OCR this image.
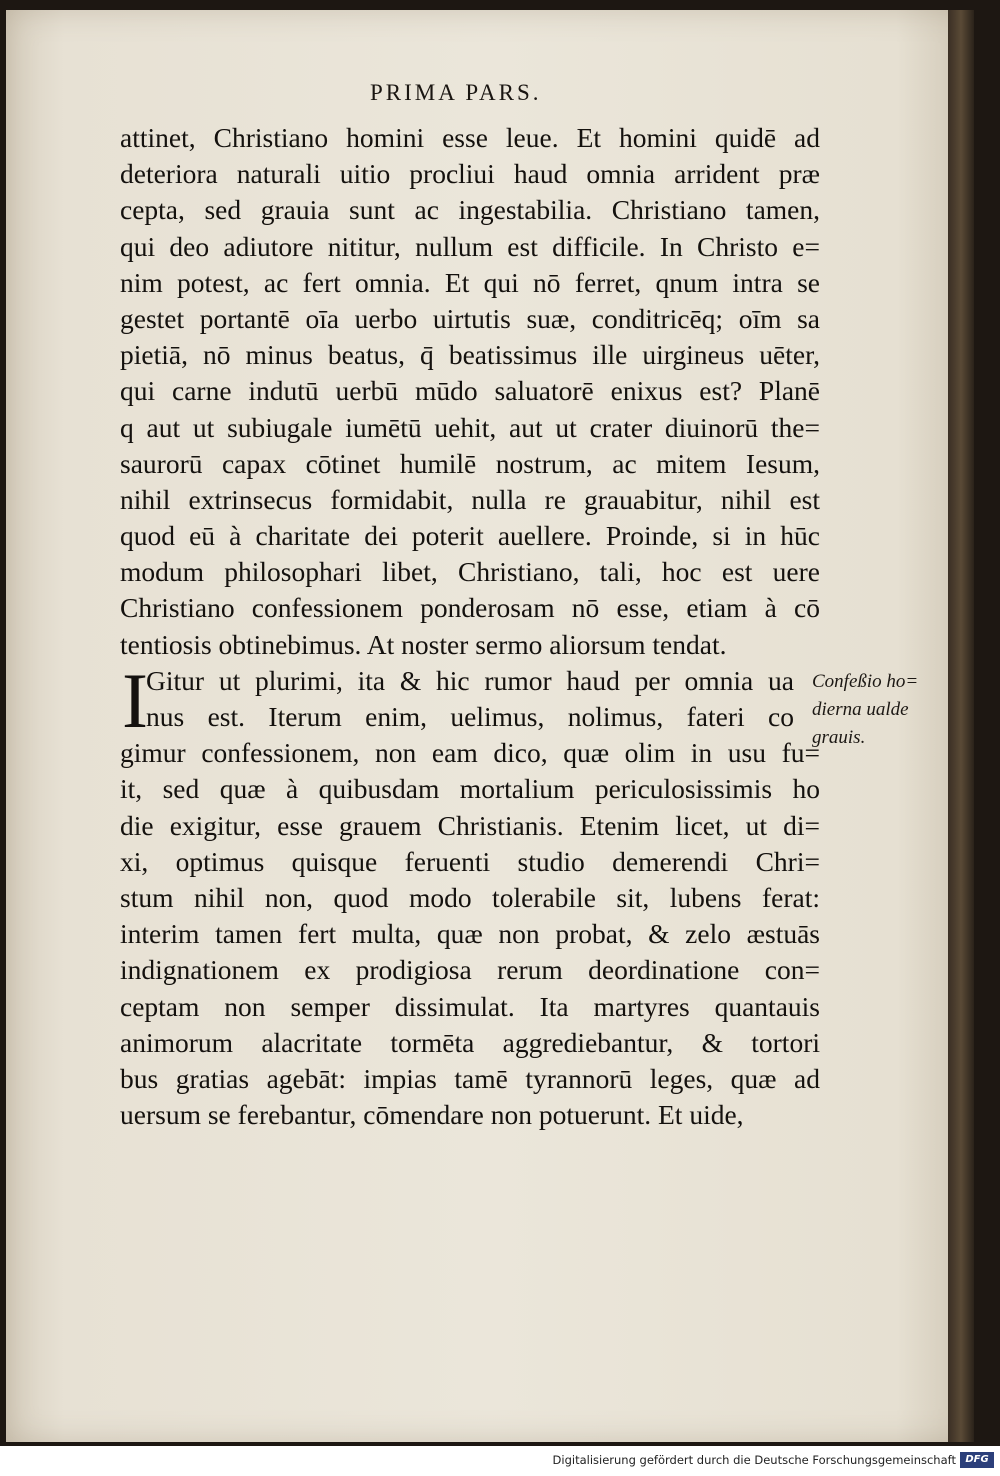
PRIMA PARS.
attinet, Christiano homini esse leue. Et homini quidē ad
deteriora naturali uitio procliui haud omnia arrident præ
cepta, sed grauia sunt ac ingestabilia. Christiano tamen,
qui deo adiutore nititur, nullum est difficile. In Christo e=
nim potest, ac fert omnia. Et qui nō ferret, qnum intra se
gestet portantē oīa uerbo uirtutis suæ, conditricēq; oīm sa
pietiā, nō minus beatus, q̄ beatissimus ille uirgineus uēter,
qui carne indutū uerbū mūdo saluatorē enixus est? Planē
q aut ut subiugale iumētū uehit, aut ut crater diuinorū the=
saurorū capax cōtinet humilē nostrum, ac mitem Iesum,
nihil extrinsecus formidabit, nulla re grauabitur, nihil est
quod eū à charitate dei poterit auellere. Proinde, si in hūc
modum philosophari libet, Christiano, tali, hoc est uere
Christiano confessionem ponderosam nō esse, etiam à cō
tentiosis obtinebimus. At noster sermo aliorsum tendat.
Gitur ut plurimi, ita & hic rumor haud per omnia ua
nus est. Iterum enim, uelimus, nolimus, fateri co
gimur confessionem, non eam dico, quæ olim in usu fu=
it, sed quæ à quibusdam mortalium periculosissimis ho
die exigitur, esse grauem Christianis. Etenim licet, ut di=
xi, optimus quisque feruenti studio demerendi Chri=
stum nihil non, quod modo tolerabile sit, lubens ferat:
interim tamen fert multa, quæ non probat, & zelo æstuās
indignationem ex prodigiosa rerum deordinatione con=
ceptam non semper dissimulat. Ita martyres quantauis
animorum alacritate tormēta aggrediebantur, & tortori
bus gratias agebāt: impias tamē tyrannorū leges, quæ ad
uersum se ferebantur, cōmendare non potuerunt. Et uide,
I	Confeßio ho=
dierna ualde
grauis.
Digitalisierung gefördert durch die Deutsche Forschungsgemeinschaft DFG
